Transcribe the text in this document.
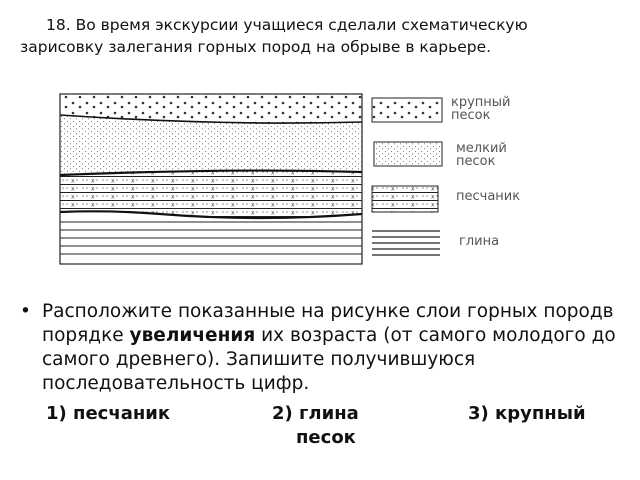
18. Во время экскурсии учащиеся сделали схематическую
зарисовку залегания горных пород на обрыве в карьере.
крупный
песок
мелкий
песок
песчаник
глина
• Расположите показанные на рисунке слои горных породв порядке увеличения их возраста (от самого молодого до самого древнего). Запишите получившуюся последовательность цифр.
1) песчаник	2) глина
песок
3) крупный
